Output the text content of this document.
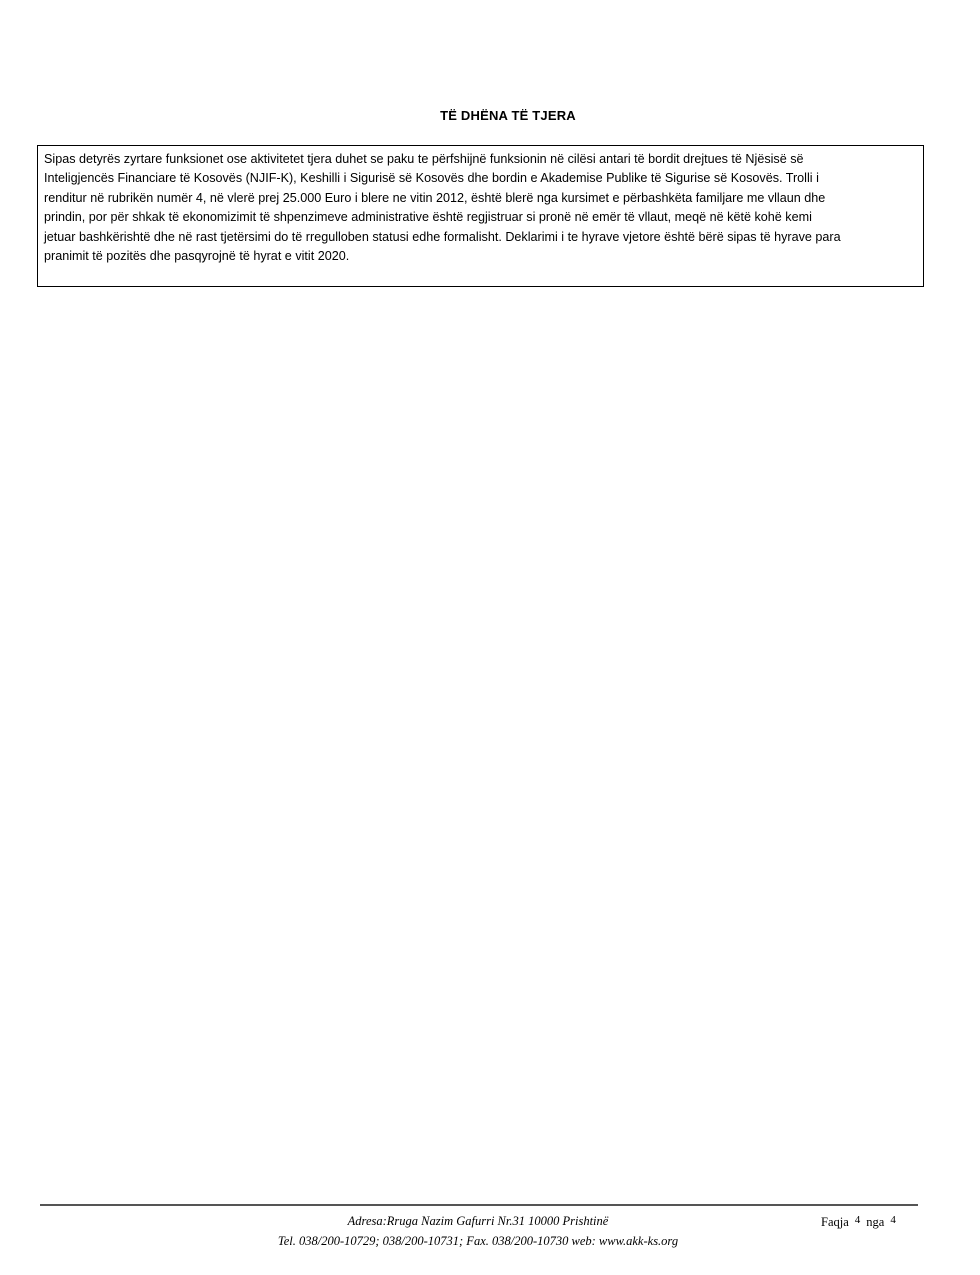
TË DHËNA TË TJERA

Sipas detyrës zyrtare funksionet ose aktivitetet tjera duhet se paku te përfshijnë funksionin në cilësi antari të bordit drejtues të Njësisë së Inteligjencës Financiare të Kosovës (NJIF-K), Keshilli i Sigurisë së Kosovës dhe bordin e Akademise Publike të Sigurise së Kosovës. Trolli i renditur në rubrikën numër 4, në vlerë prej 25.000 Euro i blere ne vitin 2012, është blerë nga kursimet e përbashkëta familjare me vllaun dhe prindin, por për shkak të ekonomizimit të shpenzimeve administrative është regjistruar si pronë në emër të vllaut, meqë në këtë kohë kemi jetuar bashkërishtë dhe në rast tjetërsimi do të rregulloben statusi edhe formalisht. Deklarimi i te hyrave vjetore është bërë sipas të hyrave para pranimit të pozitës dhe pasqyrojnë të hyrat e vitit 2020.

Adresa:Rruga Nazim Gafurri Nr.31 10000 Prishtinë
Tel. 038/200-10729; 038/200-10731; Fax. 038/200-10730 web: www.akk-ks.org
Faqja 4 nga 4
